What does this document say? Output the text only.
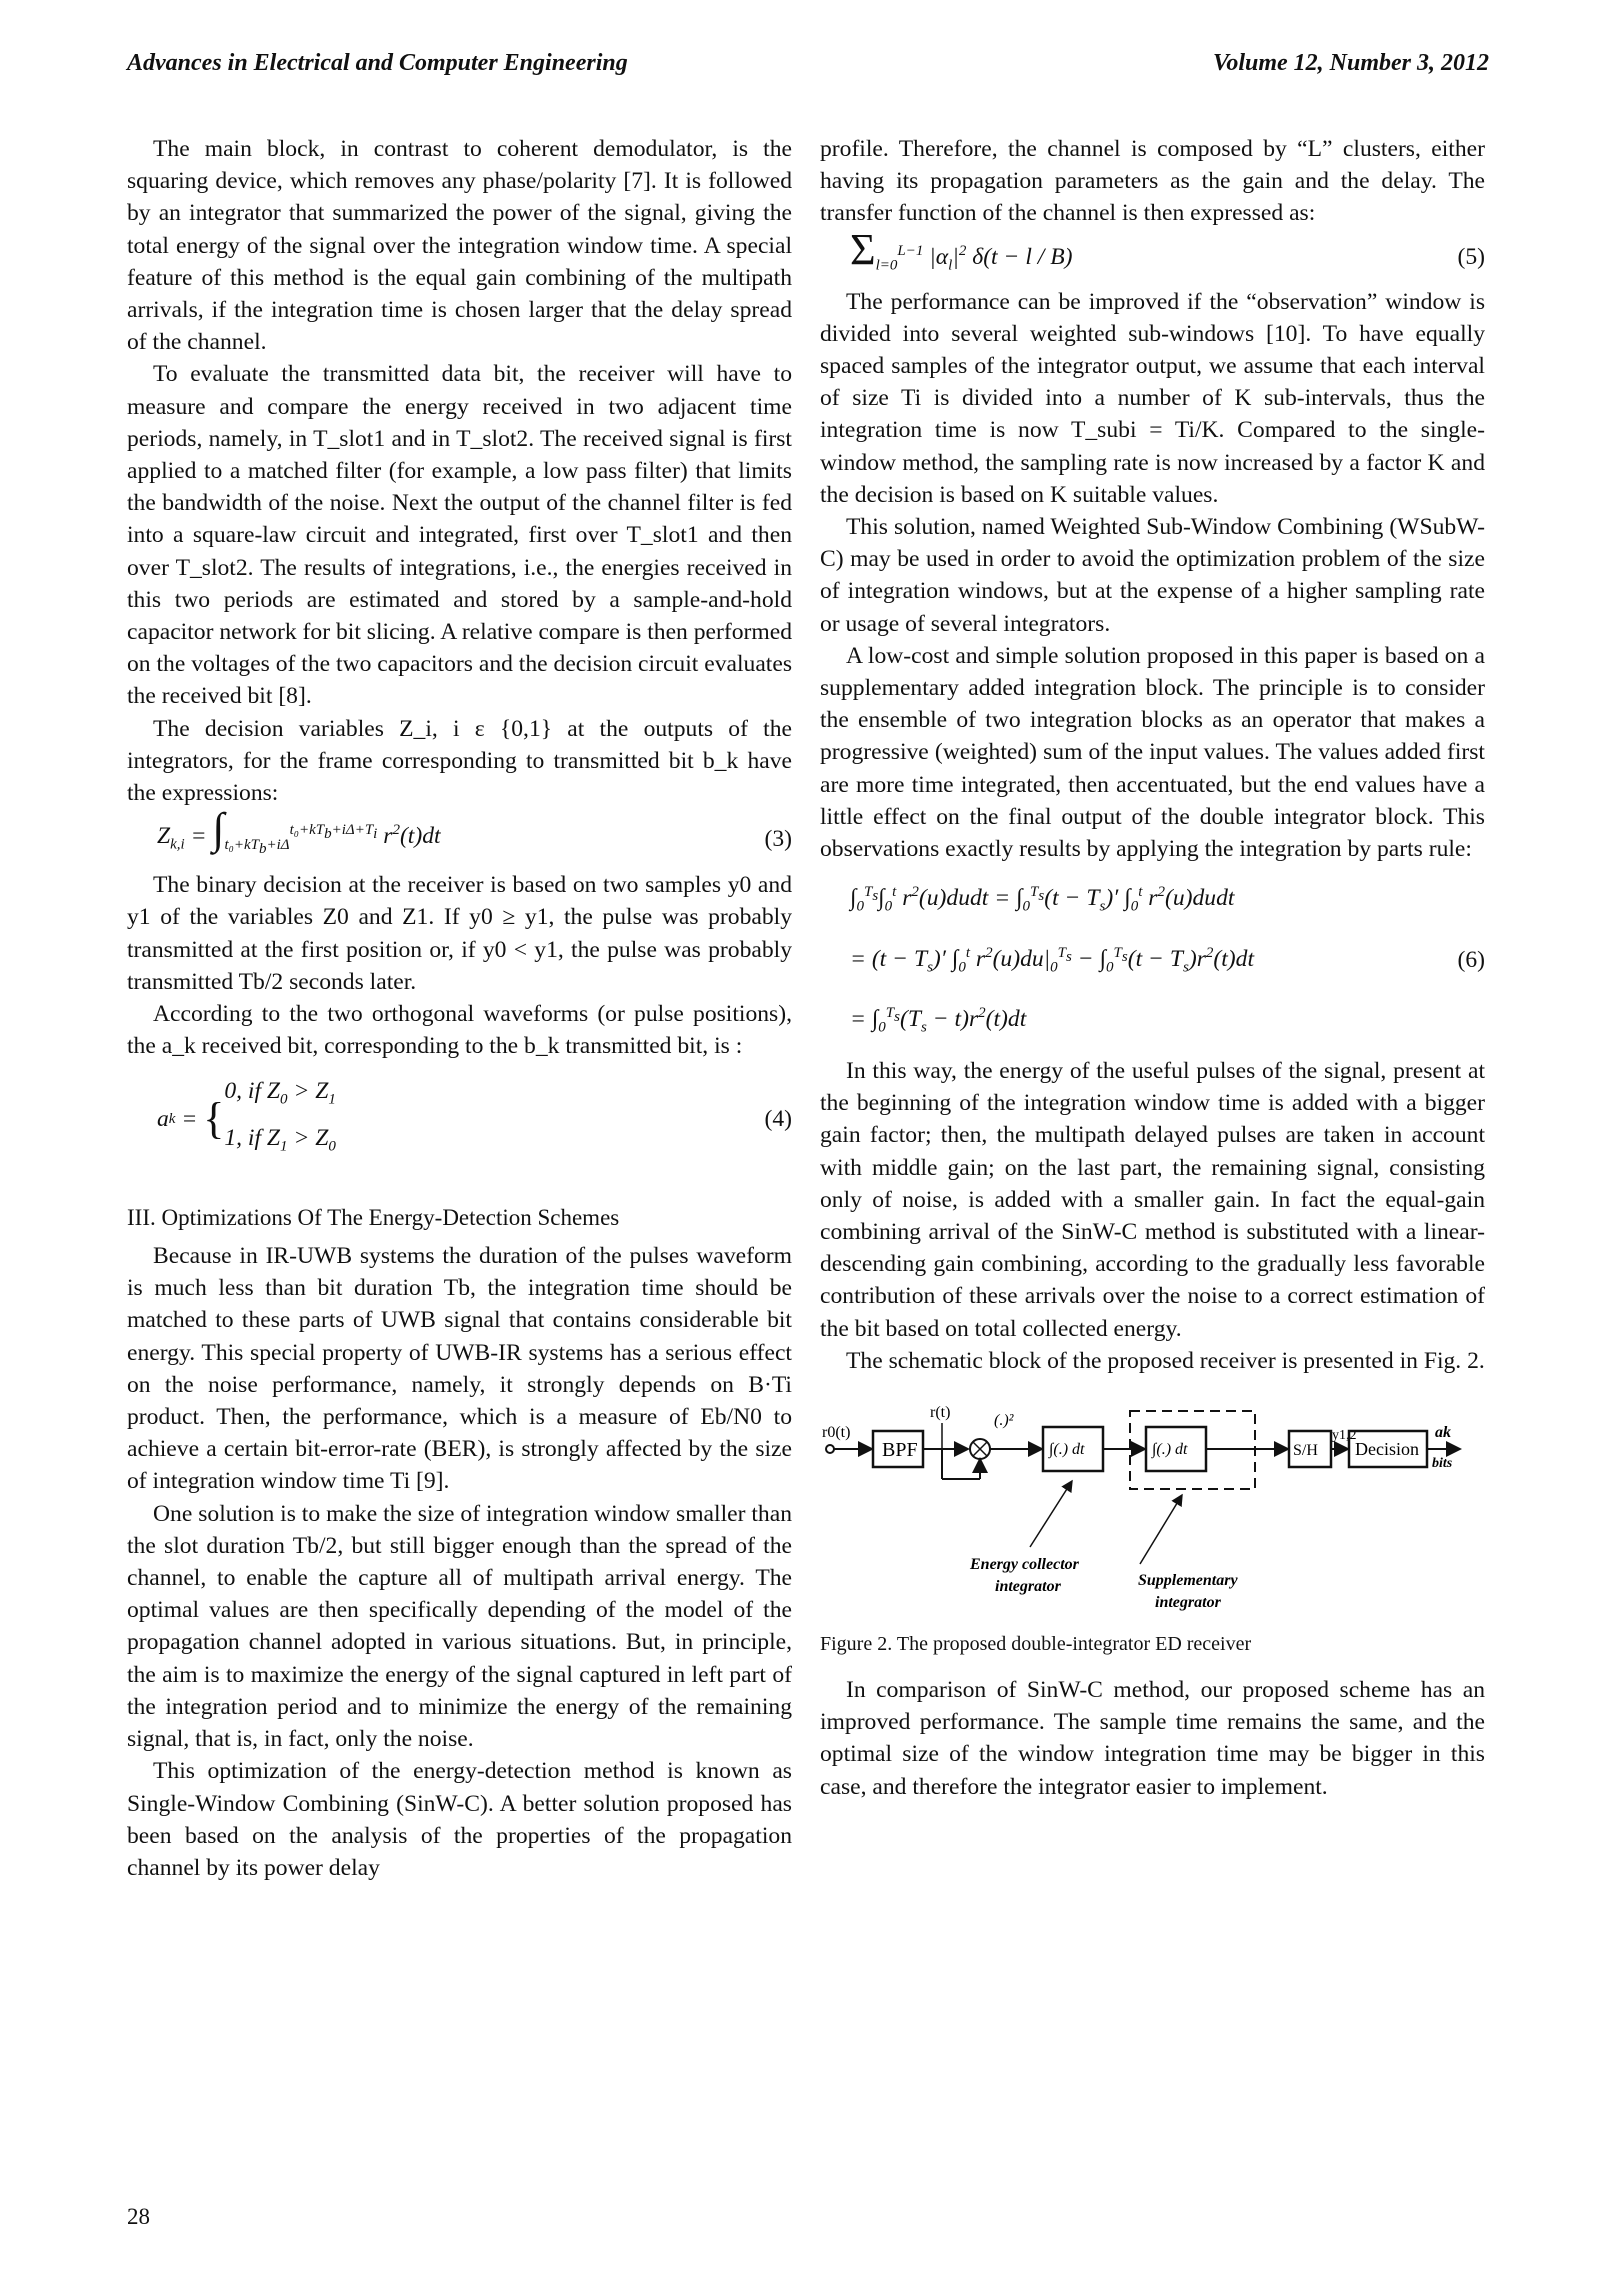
Advances in Electrical and Computer Engineering	Volume 12, Number 3, 2012

The main block, in contrast to coherent demodulator, is the squaring device, which removes any phase/polarity [7]. It is followed by an integrator that summarized the power of the signal, giving the total energy of the signal over the integration window time. A special feature of this method is the equal gain combining of the multipath arrivals, if the integration time is chosen larger that the delay spread of the channel.

To evaluate the transmitted data bit, the receiver will have to measure and compare the energy received in two adjacent time periods, namely, in T_slot1 and in T_slot2. The received signal is first applied to a matched filter (for example, a low pass filter) that limits the bandwidth of the noise. Next the output of the channel filter is fed into a square-law circuit and integrated, first over T_slot1 and then over T_slot2. The results of integrations, i.e., the energies received in this two periods are estimated and stored by a sample-and-hold capacitor network for bit slicing. A relative compare is then performed on the voltages of the two capacitors and the decision circuit evaluates the received bit [8].

The decision variables Z_i, i ε {0,1} at the outputs of the integrators, for the frame corresponding to transmitted bit b_k have the expressions:

$Z_{k,i} = \int_{t_0+kT_b+i\Delta}^{t_0+kT_b+i\Delta+T_i}$ $r^2(t)dt$	(3)

The binary decision at the receiver is based on two samples y0 and y1 of the variables Z0 and Z1. If y0 ≥ y1, the pulse was probably transmitted at the first position or, if y0 < y1, the pulse was probably transmitted Tb/2 seconds later.

According to the two orthogonal waveforms (or pulse positions), the a_k received bit, corresponding to the b_k transmitted bit, is :

a k = {
0, if $Z_0 > Z_1$
1, if $Z_1 > Z_0$
(4)

III. Optimizations Of The Energy-Detection Schemes

Because in IR-UWB systems the duration of the pulses waveform is much less than bit duration Tb, the integration time should be matched to these parts of UWB signal that contains considerable bit energy. This special property of UWB-IR systems has a serious effect on the noise performance, namely, it strongly depends on B·Ti product. Then, the performance, which is a measure of Eb/N0 to achieve a certain bit-error-rate (BER), is strongly affected by the size of integration window time Ti [9].

One solution is to make the size of integration window smaller than the slot duration Tb/2, but still bigger enough than the spread of the channel, to enable the capture all of multipath arrival energy. The optimal values are then specifically depending of the model of the propagation channel adopted in various situations. But, in principle, the aim is to maximize the energy of the signal captured in left part of the integration period and to minimize the energy of the remaining signal, that is, in fact, only the noise.

This optimization of the energy-detection method is known as Single-Window Combining (SinW-C). A better solution proposed has been based on the analysis of the properties of the propagation channel by its power delay

profile. Therefore, the channel is composed by “L” clusters, either having its propagation parameters as the gain and the delay. The transfer function of the channel is then expressed as:

$\Sigma_{l=0}^{L-1}$ $|\alpha_l|^2$ δ(t − l / B)	(5)

The performance can be improved if the “observation” window is divided into several weighted sub-windows [10]. To have equally spaced samples of the integrator output, we assume that each interval of size Ti is divided into a number of K sub-intervals, thus the integration time is now T_subi = Ti/K. Compared to the single-window method, the sampling rate is now increased by a factor K and the decision is based on K suitable values.

This solution, named Weighted Sub-Window Combining (WSubW-C) may be used in order to avoid the optimization problem of the size of integration windows, but at the expense of a higher sampling rate or usage of several integrators.

A low-cost and simple solution proposed in this paper is based on a supplementary added integration block. The principle is to consider the ensemble of two integration blocks as an operator that makes a progressive (weighted) sum of the input values. The values added first are more time integrated, then accentuated, but the end values have a little effect on the final output of the double integrator block. This observations exactly results by applying the integration by parts rule:

$\int_0^{T_s}\int_0^t$ $r^2(u)dudt = \int_0^{T_s}(t - T_s)'$ $\int_0^t$ $r^2(u)dudt$
= $(t - T_s)'$ $\int_0^t$ $r^2(u)du|_0^{T_s} - \int_0^{T_s}(t - T_s)r^2(t)dt$
= $\int_0^{T_s}(T_s - t)r^2(t)dt$
(6)

In this way, the energy of the useful pulses of the signal, present at the beginning of the integration window time is added with a bigger gain factor; then, the multipath delayed pulses are taken in account with middle gain; on the last part, the remaining signal, consisting only of noise, is added with a smaller gain. In fact the equal-gain combining arrival of the SinW-C method is substituted with a linear-descending gain combining, according to the gradually less favorable contribution of these arrivals over the noise to a correct estimation of the bit based on total collected energy.

The schematic block of the proposed receiver is presented in Fig. 2.

r0(t)
BPF
r(t)	(.)²
∫(.) dt	∫(.) dt	S/H
y1,2
Decision
ak
bits
Energy collector
integrator	Supplementary
integrator
Figure 2. The proposed double-integrator ED receiver

In comparison of SinW-C method, our proposed scheme has an improved performance. The sample time remains the same, and the optimal size of the window integration time may be bigger in this case, and therefore the integrator easier to implement.

28
